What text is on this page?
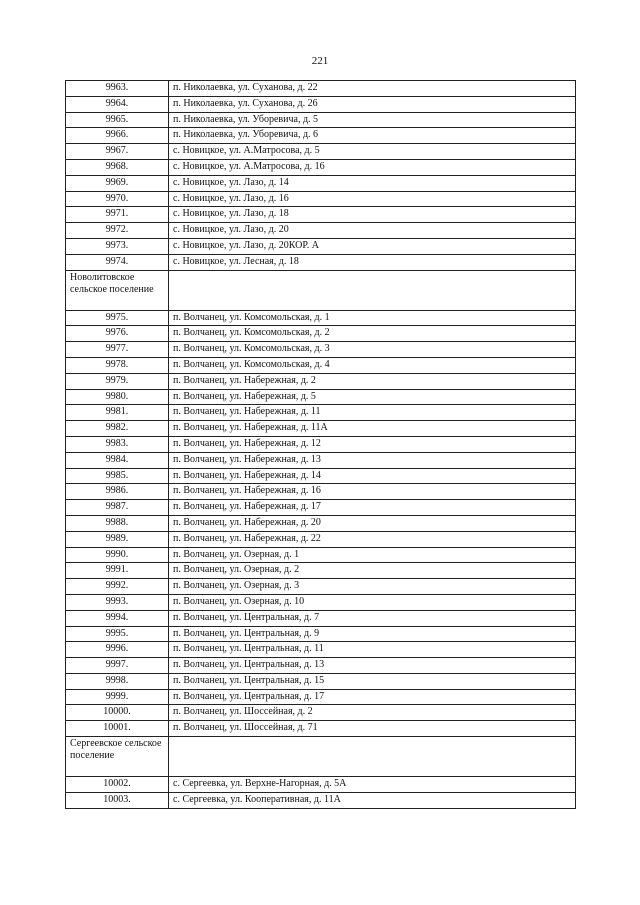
221
9963.	п. Николаевка, ул. Суханова, д. 22
9964.	п. Николаевка, ул. Суханова, д. 26
9965.	п. Николаевка, ул. Уборевича, д. 5
9966.	п. Николаевка, ул. Уборевича, д. 6
9967.	с. Новицкое, ул. А.Матросова, д. 5
9968.	с. Новицкое, ул. А.Матросова, д. 16
9969.	с. Новицкое, ул. Лазо, д. 14
9970.	с. Новицкое, ул. Лазо, д. 16
9971.	с. Новицкое, ул. Лазо, д. 18
9972.	с. Новицкое, ул. Лазо, д. 20
9973.	с. Новицкое, ул. Лазо, д. 20КОР. А
9974.	с. Новицкое, ул. Лесная, д. 18
Новолитовское сельское поселение	
9975.	п. Волчанец, ул. Комсомольская, д. 1
9976.	п. Волчанец, ул. Комсомольская, д. 2
9977.	п. Волчанец, ул. Комсомольская, д. 3
9978.	п. Волчанец, ул. Комсомольская, д. 4
9979.	п. Волчанец, ул. Набережная, д. 2
9980.	п. Волчанец, ул. Набережная, д. 5
9981.	п. Волчанец, ул. Набережная, д. 11
9982.	п. Волчанец, ул. Набережная, д. 11А
9983.	п. Волчанец, ул. Набережная, д. 12
9984.	п. Волчанец, ул. Набережная, д. 13
9985.	п. Волчанец, ул. Набережная, д. 14
9986.	п. Волчанец, ул. Набережная, д. 16
9987.	п. Волчанец, ул. Набережная, д. 17
9988.	п. Волчанец, ул. Набережная, д. 20
9989.	п. Волчанец, ул. Набережная, д. 22
9990.	п. Волчанец, ул. Озерная, д. 1
9991.	п. Волчанец, ул. Озерная, д. 2
9992.	п. Волчанец, ул. Озерная, д. 3
9993.	п. Волчанец, ул. Озерная, д. 10
9994.	п. Волчанец, ул. Центральная, д. 7
9995.	п. Волчанец, ул. Центральная, д. 9
9996.	п. Волчанец, ул. Центральная, д. 11
9997.	п. Волчанец, ул. Центральная, д. 13
9998.	п. Волчанец, ул. Центральная, д. 15
9999.	п. Волчанец, ул. Центральная, д. 17
10000.	п. Волчанец, ул. Шоссейная, д. 2
10001.	п. Волчанец, ул. Шоссейная, д. 71
Сергеевское сельское поселение	
10002.	с. Сергеевка, ул. Верхне-Нагорная, д. 5А
10003.	с. Сергеевка, ул. Кооперативная, д. 11А
